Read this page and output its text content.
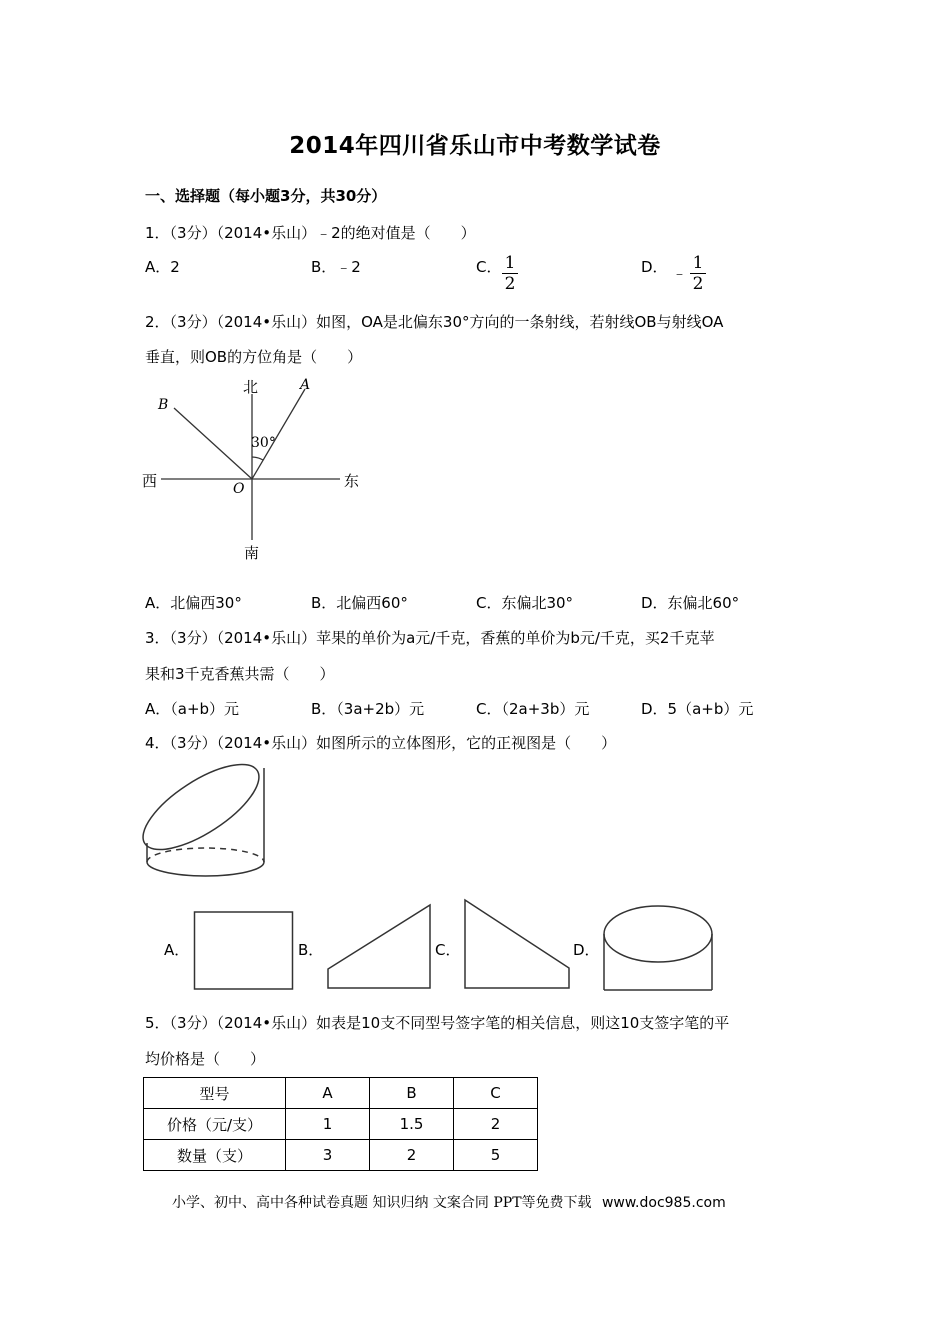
2014年四川省乐山市中考数学试卷
一、选择题（每小题3分，共30分）
1．（3分）（2014•乐山）﹣2的绝对值是（　　）
A．2	B．﹣2	C． 1
2
D． ﹣ 1
2
2．（3分）（2014•乐山）如图，OA是北偏东30°方向的一条射线，若射线OB与射线OA
垂直，则OB的方位角是（　　）
北
南
西	东
A
B
O
30°
A．北偏西30°	B．北偏西60°	C．东偏北30°	D．东偏北60°
3．（3分）（2014•乐山）苹果的单价为a元/千克，香蕉的单价为b元/千克，买2千克苹
果和3千克香蕉共需（　　）
A．（a+b）元	B．（3a+2b）元	C．（2a+3b）元	D．5（a+b）元
4．（3分）（2014•乐山）如图所示的立体图形，它的正视图是（　　）
A．	B．	C．	D．
5．（3分）（2014•乐山）如表是10支不同型号签字笔的相关信息，则这10支签字笔的平
均价格是（　　）
型号	A	B	C
价格（元/支）	1	1.5	2
数量（支）	3	2	5
小学、初中、高中各种试卷真题 知识归纳 文案合同 PPT等免费下载 www.doc985.com
